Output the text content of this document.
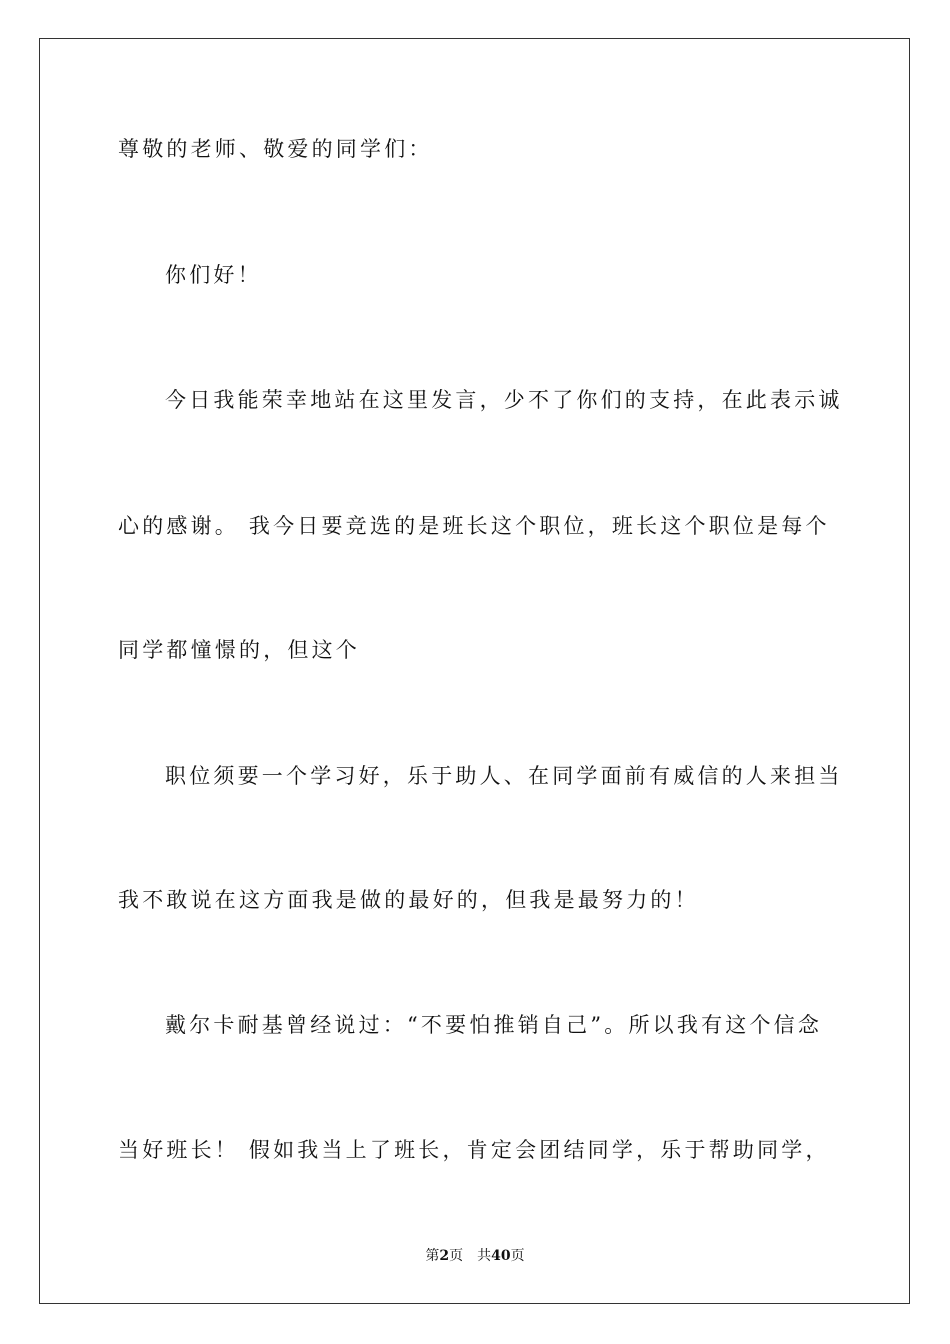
尊敬的老师、敬爱的同学们：
你们好！
今日我能荣幸地站在这里发言，少不了你们的支持，在此表示诚
心的感谢。 我今日要竞选的是班长这个职位，班长这个职位是每个
同学都憧憬的，但这个
职位须要一个学习好，乐于助人、在同学面前有威信的人来担当
我不敢说在这方面我是做的最好的，但我是最努力的！
戴尔卡耐基曾经说过：“不要怕推销自己”。所以我有这个信念
当好班长！ 假如我当上了班长，肯定会团结同学，乐于帮助同学，
第2页 共40页
